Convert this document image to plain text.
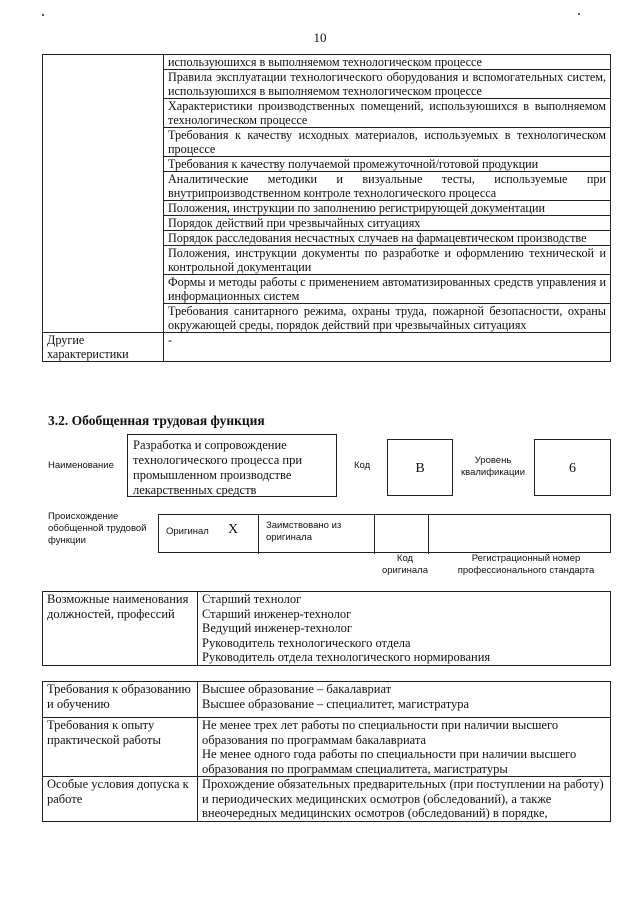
10
	используюшихся в выполняемом технологическом процессе
	Правила эксплуатации технологического оборудования и вспомогательных систем, используюшихся в выполняемом технологическом процессе
	Характеристики производственных помещений, используюшихся в выполняемом технологическом процессе
	Требования к качеству исходных материалов, используемых в технологическом процессе
	Требования к качеству получаемой промежуточной/готовой продукции
	Аналитические методики и визуальные тесты, используемые при внутрипроизводственном контроле технологического процесса
	Положения, инструкции по заполнению регистрирующей документации
	Порядок действий при чрезвычайных ситуациях
	Порядок расследования несчастных случаев на фармацевтическом производстве
	Положения, инструкции документы по разработке и оформлению технической и контрольной документации
	Формы и методы работы с применением автоматизированных средств управления и информационных систем
	Требования санитарного режима, охраны труда, пожарной безопасности, охраны окружающей среды, порядок действий при чрезвычайных ситуациях
Другие характеристики	-
3.2. Обобщенная трудовая функция
Наименование
Разработка и сопровождение технологического процесса при промышленном производстве лекарственных средств
Код	В
Уровень квалификации	6
Происхождение обобщенной трудовой функции
Оригинал X	Заимствовано из оригинала
Код оригинала
Регистрационный номер профессионального стандарта
Возможные наименования должностей, профессий	Старший технолог
Старший инженер-технолог
Ведущий инженер-технолог
Руководитель технологического отдела
Руководитель отдела технологического нормирования
Требования к образованию и обучению	Высшее образование – бакалавриат
	Высшее образование – специалитет, магистратура
Требования к опыту практической работы	Не менее трех лет работы по специальности при наличии высшего образования по программам бакалавриата
	Не менее одного года работы по специальности при наличии высшего образования по программам специалитета, магистратуры
Особые условия допуска к работе	Прохождение обязательных предварительных (при поступлении на работу) и периодических медицинских осмотров (обследований), а также внеочередных медицинских осмотров (обследований) в порядке,
